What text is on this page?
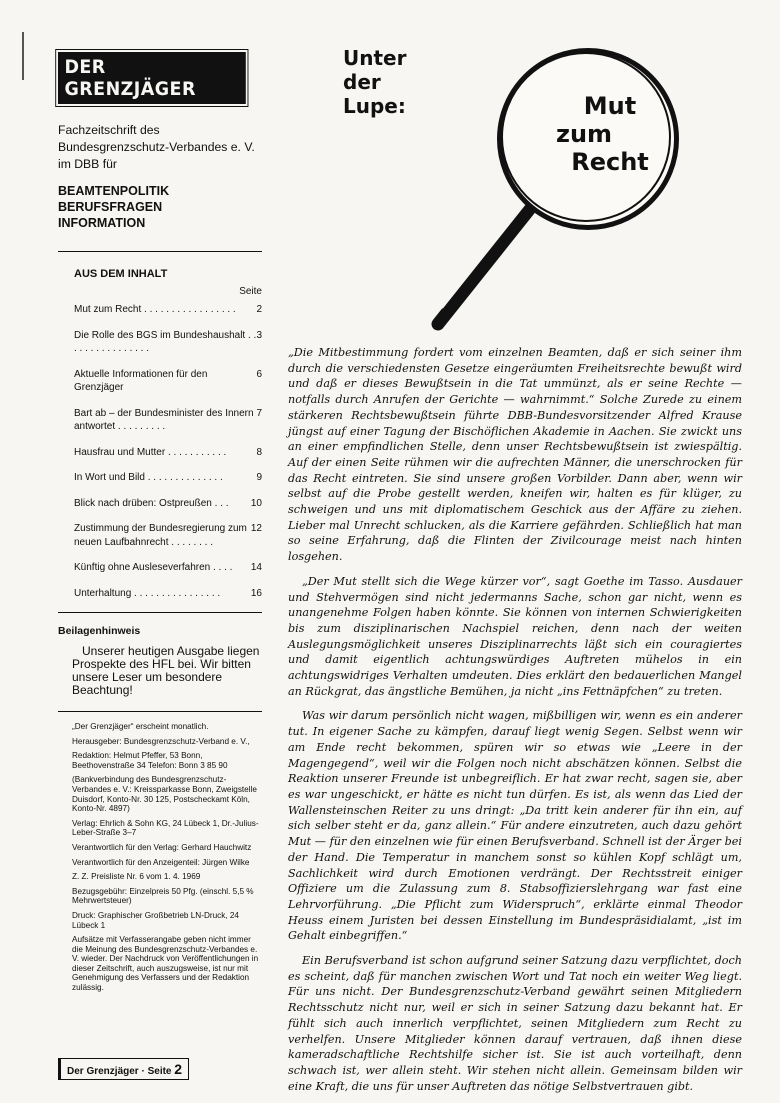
DER GRENZJÄGER
Fachzeitschrift des Bundesgrenzschutz-Verbandes e. V. im DBB für
BEAMTENPOLITIK
BERUFSFRAGEN
INFORMATION
AUS DEM INHALT
Seite
2
Mut zum Recht . . . . . . . . . . . . . . . . .
3
Die Rolle des BGS im Bundeshaushalt . . . . . . . . . . . . . . . .
6
Aktuelle Informationen für den Grenzjäger
7
Bart ab – der Bundesminister des Innern antwortet . . . . . . . . .
8
Hausfrau und Mutter . . . . . . . . . . .
9
In Wort und Bild . . . . . . . . . . . . . .
10
Blick nach drüben: Ostpreußen . . .
12
Zustimmung der Bundesregierung zum neuen Laufbahnrecht . . . . . . . .
14
Künftig ohne Ausleseverfahren . . . .
16
Unterhaltung . . . . . . . . . . . . . . . .
Beilagenhinweis
Unserer heutigen Ausgabe liegen Prospekte des HFL bei. Wir bitten unsere Leser um besondere Beachtung!

„Der Grenzjäger“ erscheint monatlich.

Herausgeber: Bundesgrenzschutz-Verband e. V.,

Redaktion: Helmut Pfeffer, 53 Bonn, Beethovenstraße 34 Telefon: Bonn 3 85 90

(Bankverbindung des Bundesgrenzschutz-Verbandes e. V.: Kreissparkasse Bonn, Zweigstelle Duisdorf, Konto-Nr. 30 125, Postscheckamt Köln, Konto-Nr. 4897)

Verlag: Ehrlich & Sohn KG, 24 Lübeck 1, Dr.-Julius-Leber-Straße 3–7

Verantwortlich für den Verlag: Gerhard Hauchwitz

Verantwortlich für den Anzeigenteil: Jürgen Wilke

Z. Z. Preisliste Nr. 6 vom 1. 4. 1969

Bezugsgebühr: Einzelpreis 50 Pfg. (einschl. 5,5 % Mehrwertsteuer)

Druck: Graphischer Großbetrieb LN-Druck, 24 Lübeck 1

Aufsätze mit Verfasserangabe geben nicht immer die Meinung des Bundesgrenzschutz-Verbandes e. V. wieder. Der Nachdruck von Veröffentlichungen in dieser Zeitschrift, auch auszugsweise, ist nur mit Genehmigung des Verfassers und der Redaktion zulässig.

Der Grenzjäger · Seite 2
Unter
der
Lupe:	Mut
zum
Recht

„Die Mitbestimmung fordert vom einzelnen Beamten, daß er sich seiner ihm durch die verschiedensten Gesetze eingeräumten Freiheitsrechte bewußt wird und daß er dieses Bewußtsein in die Tat ummünzt, als er seine Rechte — notfalls durch Anrufen der Gerichte — wahrnimmt.“ Solche Zurede zu einem stärkeren Rechtsbewußtsein führte DBB-Bundesvorsitzender Alfred Krause jüngst auf einer Tagung der Bischöflichen Akademie in Aachen. Sie zwickt uns an einer empfindlichen Stelle, denn unser Rechtsbewußtsein ist zwiespältig. Auf der einen Seite rühmen wir die aufrechten Männer, die unerschrocken für das Recht eintreten. Sie sind unsere großen Vorbilder. Dann aber, wenn wir selbst auf die Probe gestellt werden, kneifen wir, halten es für klüger, zu schweigen und uns mit diplomatischem Geschick aus der Affäre zu ziehen. Lieber mal Unrecht schlucken, als die Karriere gefährden. Schließlich hat man so seine Erfahrung, daß die Flinten der Zivilcourage meist nach hinten losgehen.

„Der Mut stellt sich die Wege kürzer vor“, sagt Goethe im Tasso. Ausdauer und Stehvermögen sind nicht jedermanns Sache, schon gar nicht, wenn es unangenehme Folgen haben könnte. Sie können von internen Schwierigkeiten bis zum disziplinarischen Nachspiel reichen, denn nach der weiten Auslegungsmöglichkeit unseres Disziplinarrechts läßt sich ein couragiertes und damit eigentlich achtungswürdiges Auftreten mühelos in ein achtungswidriges Verhalten umdeuten. Dies erklärt den bedauerlichen Mangel an Rückgrat, das ängstliche Bemühen, ja nicht „ins Fettnäpfchen“ zu treten.

Was wir darum persönlich nicht wagen, mißbilligen wir, wenn es ein anderer tut. In eigener Sache zu kämpfen, darauf liegt wenig Segen. Selbst wenn wir am Ende recht bekommen, spüren wir so etwas wie „Leere in der Magengegend“, weil wir die Folgen noch nicht abschätzen können. Selbst die Reaktion unserer Freunde ist unbegreiflich. Er hat zwar recht, sagen sie, aber es war ungeschickt, er hätte es nicht tun dürfen. Es ist, als wenn das Lied der Wallensteinschen Reiter zu uns dringt: „Da tritt kein anderer für ihn ein, auf sich selber steht er da, ganz allein.“ Für andere einzutreten, auch dazu gehört Mut — für den einzelnen wie für einen Berufsverband. Schnell ist der Ärger bei der Hand. Die Temperatur in manchem sonst so kühlen Kopf schlägt um, Sachlichkeit wird durch Emotionen verdrängt. Der Rechtsstreit einiger Offiziere um die Zulassung zum 8. Stabsoffizierslehrgang war fast eine Lehrvorführung. „Die Pflicht zum Widerspruch“, erklärte einmal Theodor Heuss einem Juristen bei dessen Einstellung im Bundespräsidialamt, „ist im Gehalt einbegriffen.“

Ein Berufsverband ist schon aufgrund seiner Satzung dazu verpflichtet, doch es scheint, daß für manchen zwischen Wort und Tat noch ein weiter Weg liegt. Für uns nicht. Der Bundesgrenzschutz-Verband gewährt seinen Mitgliedern Rechtsschutz nicht nur, weil er sich in seiner Satzung dazu bekannt hat. Er fühlt sich auch innerlich verpflichtet, seinen Mitgliedern zum Recht zu verhelfen. Unsere Mitglieder können darauf vertrauen, daß ihnen diese kameradschaftliche Rechtshilfe sicher ist. Sie ist auch vorteilhaft, denn schwach ist, wer allein steht. Wir stehen nicht allein. Gemeinsam bilden wir eine Kraft, die uns für unser Auftreten das nötige Selbstvertrauen gibt.
